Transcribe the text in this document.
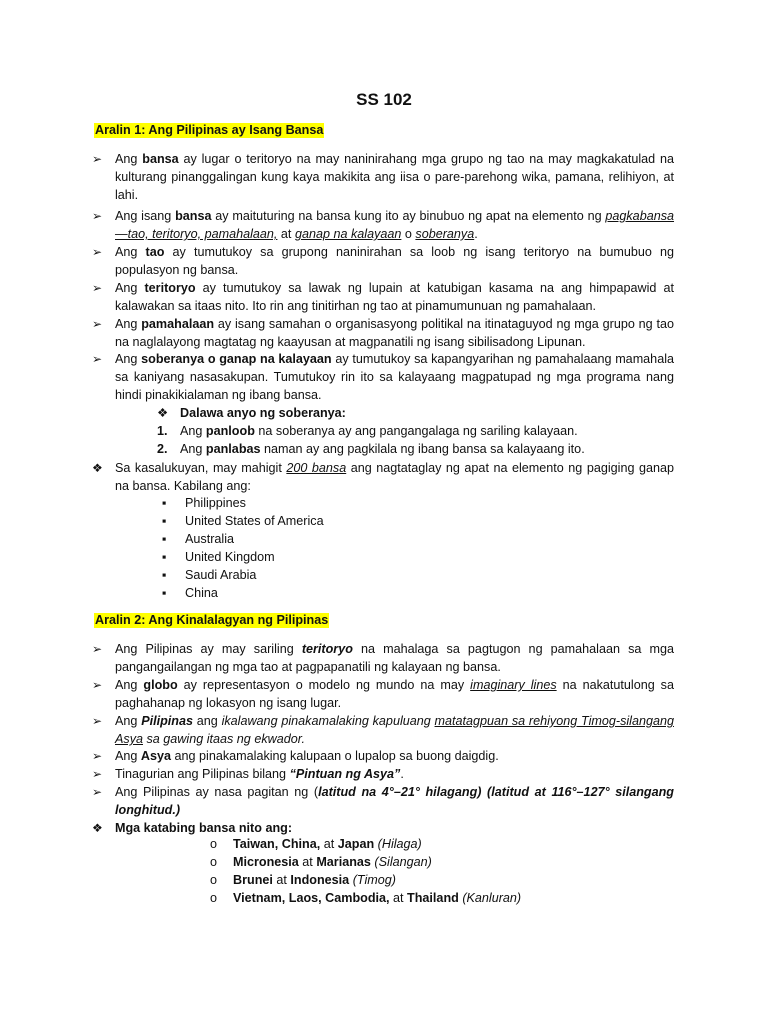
SS 102
Aralin 1: Ang Pilipinas ay Isang Bansa
➢	Ang bansa ay lugar o teritoryo na may naninirahang mga grupo ng tao na may magkakatulad na kulturang pinanggalingan kung kaya makikita ang iisa o pare-parehong wika, pamana, relihiyon, at lahi.
➢	Ang isang bansa ay maituturing na bansa kung ito ay binubuo ng apat na elemento ng pagkabansa—tao, teritoryo, pamahalaan, at ganap na kalayaan o soberanya.
➢	Ang tao ay tumutukoy sa grupong naninirahan sa loob ng isang teritoryo na bumubuo ng populasyon ng bansa.
➢	Ang teritoryo ay tumutukoy sa lawak ng lupain at katubigan kasama na ang himpapawid at kalawakan sa itaas nito. Ito rin ang tinitirhan ng tao at pinamumunuan ng pamahalaan.
➢	Ang pamahalaan ay isang samahan o organisasyong politikal na itinataguyod ng mga grupo ng tao na naglalayong magtatag ng kaayusan at magpanatili ng isang sibilisadong Lipunan.
➢	Ang soberanya o ganap na kalayaan ay tumutukoy sa kapangyarihan ng pamahalaang mamahala sa kaniyang nasasakupan. Tumutukoy rin ito sa kalayaang magpatupad ng mga programa nang hindi pinakikialaman ng ibang bansa.
❖ Dalawa anyo ng soberanya:
1. Ang panloob na soberanya ay ang pangangalaga ng sariling kalayaan.
2. Ang panlabas naman ay ang pagkilala ng ibang bansa sa kalayaang ito.
❖ Sa kasalukuyan, may mahigit 200 bansa ang nagtataglay ng apat na elemento ng pagiging ganap na bansa. Kabilang ang:
▪ Philippines
▪ United States of America
▪ Australia
▪ United Kingdom
▪ Saudi Arabia
▪ China
Aralin 2: Ang Kinalalagyan ng Pilipinas
➢	Ang Pilipinas ay may sariling teritoryo na mahalaga sa pagtugon ng pamahalaan sa mga pangangailangan ng mga tao at pagpapanatili ng kalayaan ng bansa.
➢	Ang globo ay representasyon o modelo ng mundo na may imaginary lines na nakatutulong sa paghahanap ng lokasyon ng isang lugar.
➢	Ang Pilipinas ang ikalawang pinakamalaking kapuluang matatagpuan sa rehiyong Timog-silangang Asya sa gawing itaas ng ekwador.
➢	Ang Asya ang pinakamalaking kalupaan o lupalop sa buong daigdig.
➢	Tinagurian ang Pilipinas bilang “Pintuan ng Asya”.
➢	Ang Pilipinas ay nasa pagitan ng (latitud na 4°–21° hilagang) (latitud at 116°–127° silangang longhitud.)
❖ Mga katabing bansa nito ang:
o Taiwan, China, at Japan (Hilaga)
o Micronesia at Marianas (Silangan)
o Brunei at Indonesia (Timog)
o Vietnam, Laos, Cambodia, at Thailand (Kanluran)
